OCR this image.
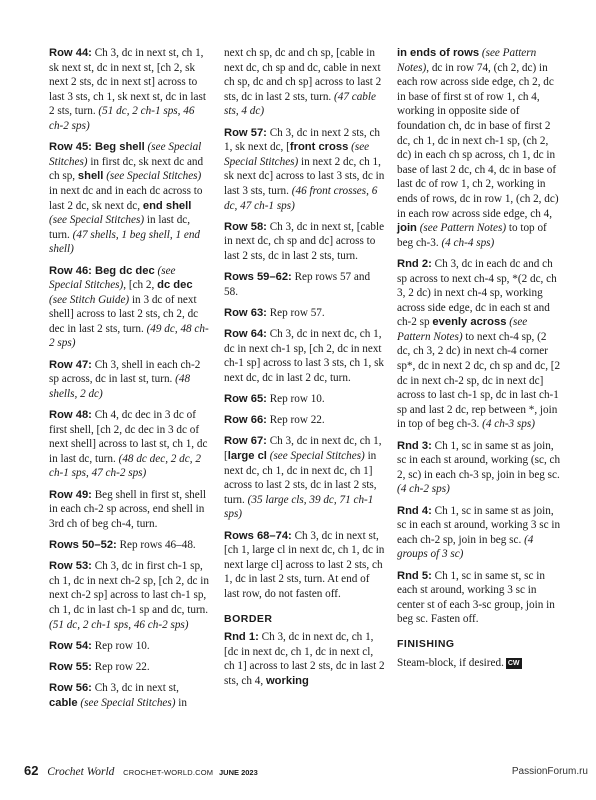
Row 44: Ch 3, dc in next st, ch 1, sk next st, dc in next st, [ch 2, sk next 2 sts, dc in next st] across to last 3 sts, ch 1, sk next st, dc in last 2 sts, turn. (51 dc, 2 ch-1 sps, 46 ch-2 sps)

Row 45: Beg shell (see Special Stitches) in first dc, sk next dc and ch sp, shell (see Special Stitches) in next dc and in each dc across to last 2 dc, sk next dc, end shell (see Special Stitches) in last dc, turn. (47 shells, 1 beg shell, 1 end shell)

Row 46: Beg dc dec (see Special Stitches), [ch 2, dc dec (see Stitch Guide) in 3 dc of next shell] across to last 2 sts, ch 2, dc dec in last 2 sts, turn. (49 dc, 48 ch-2 sps)

Row 47: Ch 3, shell in each ch-2 sp across, dc in last st, turn. (48 shells, 2 dc)

Row 48: Ch 4, dc dec in 3 dc of first shell, [ch 2, dc dec in 3 dc of next shell] across to last st, ch 1, dc in last dc, turn. (48 dc dec, 2 dc, 2 ch-1 sps, 47 ch-2 sps)

Row 49: Beg shell in first st, shell in each ch-2 sp across, end shell in 3rd ch of beg ch-4, turn.

Rows 50–52: Rep rows 46–48.

Row 53: Ch 3, dc in first ch-1 sp, ch 1, dc in next ch-2 sp, [ch 2, dc in next ch-2 sp] across to last ch-1 sp, ch 1, dc in last ch-1 sp and dc, turn. (51 dc, 2 ch-1 sps, 46 ch-2 sps)

Row 54: Rep row 10.

Row 55: Rep row 22.

Row 56: Ch 3, dc in next st, cable (see Special Stitches) in

next ch sp, dc and ch sp, [cable in next dc, ch sp and dc, cable in next ch sp, dc and ch sp] across to last 2 sts, dc in last 2 sts, turn. (47 cable sts, 4 dc)

Row 57: Ch 3, dc in next 2 sts, ch 1, sk next dc, [front cross (see Special Stitches) in next 2 dc, ch 1, sk next dc] across to last 3 sts, dc in last 3 sts, turn. (46 front crosses, 6 dc, 47 ch-1 sps)

Row 58: Ch 3, dc in next st, [cable in next dc, ch sp and dc] across to last 2 sts, dc in last 2 sts, turn.

Rows 59–62: Rep rows 57 and 58.

Row 63: Rep row 57.

Row 64: Ch 3, dc in next dc, ch 1, dc in next ch-1 sp, [ch 2, dc in next ch-1 sp] across to last 3 sts, ch 1, sk next dc, dc in last 2 dc, turn.

Row 65: Rep row 10.

Row 66: Rep row 22.

Row 67: Ch 3, dc in next dc, ch 1, [large cl (see Special Stitches) in next dc, ch 1, dc in next dc, ch 1] across to last 2 sts, dc in last 2 sts, turn. (35 large cls, 39 dc, 71 ch-1 sps)

Rows 68–74: Ch 3, dc in next st, [ch 1, large cl in next dc, ch 1, dc in next large cl] across to last 2 sts, ch 1, dc in last 2 sts, turn. At end of last row, do not fasten off.

BORDER

Rnd 1: Ch 3, dc in next dc, ch 1, [dc in next dc, ch 1, dc in next cl, ch 1] across to last 2 sts, dc in last 2 sts, ch 4, working

in ends of rows (see Pattern Notes), dc in row 74, (ch 2, dc) in each row across side edge, ch 2, dc in base of first st of row 1, ch 4, working in opposite side of foundation ch, dc in base of first 2 dc, ch 1, dc in next ch-1 sp, (ch 2, dc) in each ch sp across, ch 1, dc in base of last 2 dc, ch 4, dc in base of last dc of row 1, ch 2, working in ends of rows, dc in row 1, (ch 2, dc) in each row across side edge, ch 4, join (see Pattern Notes) to top of beg ch-3. (4 ch-4 sps)

Rnd 2: Ch 3, dc in each dc and ch sp across to next ch-4 sp, *(2 dc, ch 3, 2 dc) in next ch-4 sp, working across side edge, dc in each st and ch-2 sp evenly across (see Pattern Notes) to next ch-4 sp, (2 dc, ch 3, 2 dc) in next ch-4 corner sp*, dc in next 2 dc, ch sp and dc, [2 dc in next ch-2 sp, dc in next dc] across to last ch-1 sp, dc in last ch-1 sp and last 2 dc, rep between *, join in top of beg ch-3. (4 ch-3 sps)

Rnd 3: Ch 1, sc in same st as join, sc in each st around, working (sc, ch 2, sc) in each ch-3 sp, join in beg sc. (4 ch-2 sps)

Rnd 4: Ch 1, sc in same st as join, sc in each st around, working 3 sc in each ch-2 sp, join in beg sc. (4 groups of 3 sc)

Rnd 5: Ch 1, sc in same st, sc in each st around, working 3 sc in center st of each 3-sc group, join in beg sc. Fasten off.

FINISHING

Steam-block, if desired. CW

62 Crochet World CROCHET-WORLD.COM JUNE 2023	PassionForum.ru
